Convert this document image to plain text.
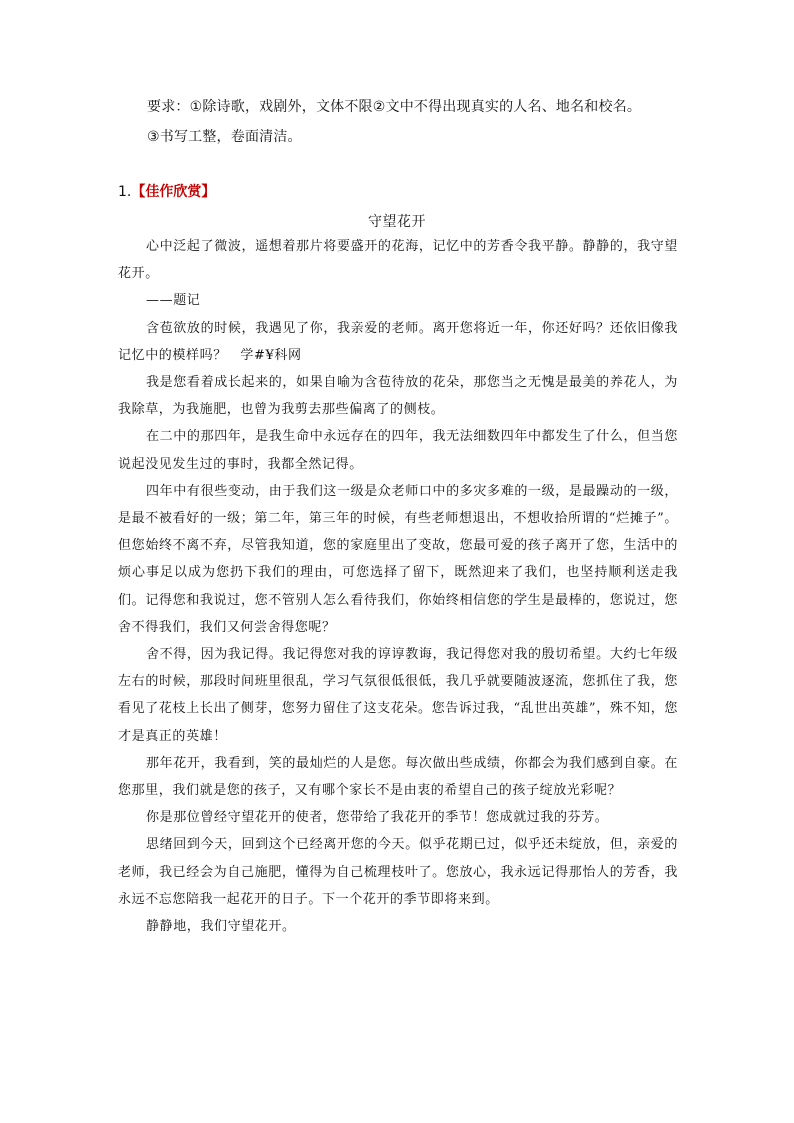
要求：①除诗歌，戏剧外，文体不限②文中不得出现真实的人名、地名和校名。③书写工整，卷面清洁。

1.【佳作欣赏】

守望花开

心中泛起了微波，遥想着那片将要盛开的花海，记忆中的芳香令我平静。静静的，我守望花开。

——题记

含苞欲放的时候，我遇见了你，我亲爱的老师。离开您将近一年，你还好吗？还依旧像我记忆中的模样吗？　学#¥科网

我是您看着成长起来的，如果自喻为含苞待放的花朵，那您当之无愧是最美的养花人，为我除草，为我施肥，也曾为我剪去那些偏离了的侧枝。

在二中的那四年，是我生命中永远存在的四年，我无法细数四年中都发生了什么，但当您说起没见发生过的事时，我都全然记得。

四年中有很些变动，由于我们这一级是众老师口中的多灾多难的一级，是最躁动的一级，是最不被看好的一级；第二年，第三年的时候，有些老师想退出，不想收拾所谓的“烂摊子”。但您始终不离不弃，尽管我知道，您的家庭里出了变故，您最可爱的孩子离开了您，生活中的烦心事足以成为您扔下我们的理由，可您选择了留下，既然迎来了我们，也坚持顺利送走我们。记得您和我说过，您不管别人怎么看待我们，你始终相信您的学生是最棒的，您说过，您舍不得我们，我们又何尝舍得您呢？

舍不得，因为我记得。我记得您对我的谆谆教诲，我记得您对我的殷切希望。大约七年级左右的时候，那段时间班里很乱，学习气氛很低很低，我几乎就要随波逐流，您抓住了我，您看见了花枝上长出了侧芽，您努力留住了这支花朵。您告诉过我，“乱世出英雄”，殊不知，您才是真正的英雄！

那年花开，我看到，笑的最灿烂的人是您。每次做出些成绩，你都会为我们感到自豪。在您那里，我们就是您的孩子，又有哪个家长不是由衷的希望自己的孩子绽放光彩呢？

你是那位曾经守望花开的使者，您带给了我花开的季节！您成就过我的芬芳。

思绪回到今天，回到这个已经离开您的今天。似乎花期已过，似乎还未绽放，但，亲爱的老师，我已经会为自己施肥，懂得为自己梳理枝叶了。您放心，我永远记得那怡人的芳香，我永远不忘您陪我一起花开的日子。下一个花开的季节即将来到。

静静地，我们守望花开。
